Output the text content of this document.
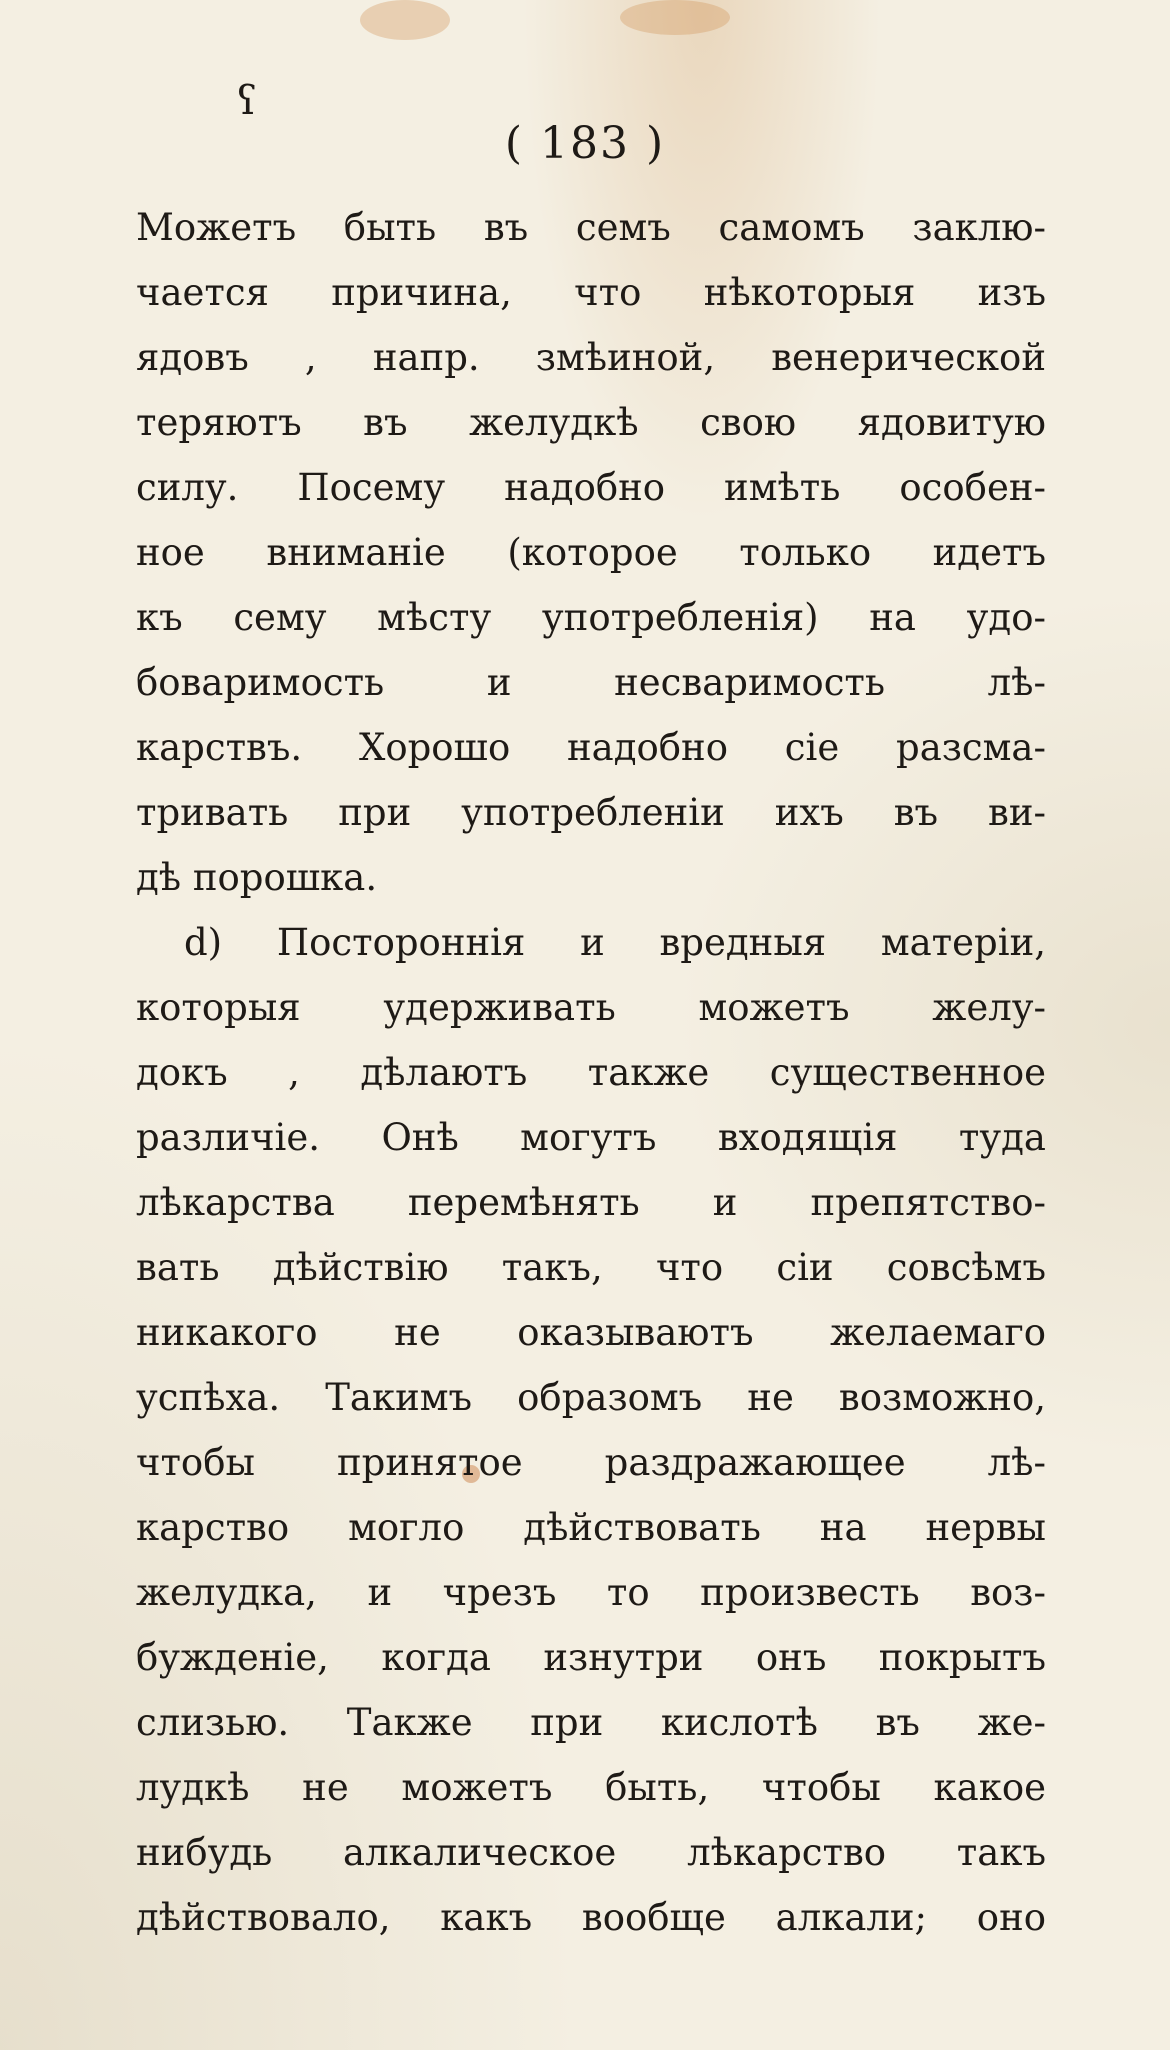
ʕ
( 183 )
Можетъ быть въ семъ самомъ заклю-
чается причина, что нѣкоторыя изъ
ядовъ , напр. змѣиной, венерической
теряютъ въ желудкѣ свою ядовитую
силу. Посему надобно имѣть особен-
ное вниманіе (которое только идетъ
къ сему мѣсту употребленія) на удо-
боваримость и несваримость лѣ-
карствъ. Хорошо надобно сіе разсма-
тривать при употребленіи ихъ въ ви-
дѣ порошка.
d) Постороннія и вредныя матеріи,
которыя удерживать можетъ желу-
докъ , дѣлаютъ также существенное
различіе. Онѣ могутъ входящія туда
лѣкарства перемѣнять и препятство-
вать дѣйствію такъ, что сіи совсѣмъ
никакого не оказываютъ желаемаго
успѣха. Такимъ образомъ не возможно,
чтобы принятое раздражающее лѣ-
карство могло дѣйствовать на нервы
желудка, и чрезъ то произвесть воз-
бужденіе, когда изнутри онъ покрытъ
слизью. Также при кислотѣ въ же-
лудкѣ не можетъ быть, чтобы какое
нибудь алкалическое лѣкарство такъ
дѣйствовало, какъ вообще алкали; оно
